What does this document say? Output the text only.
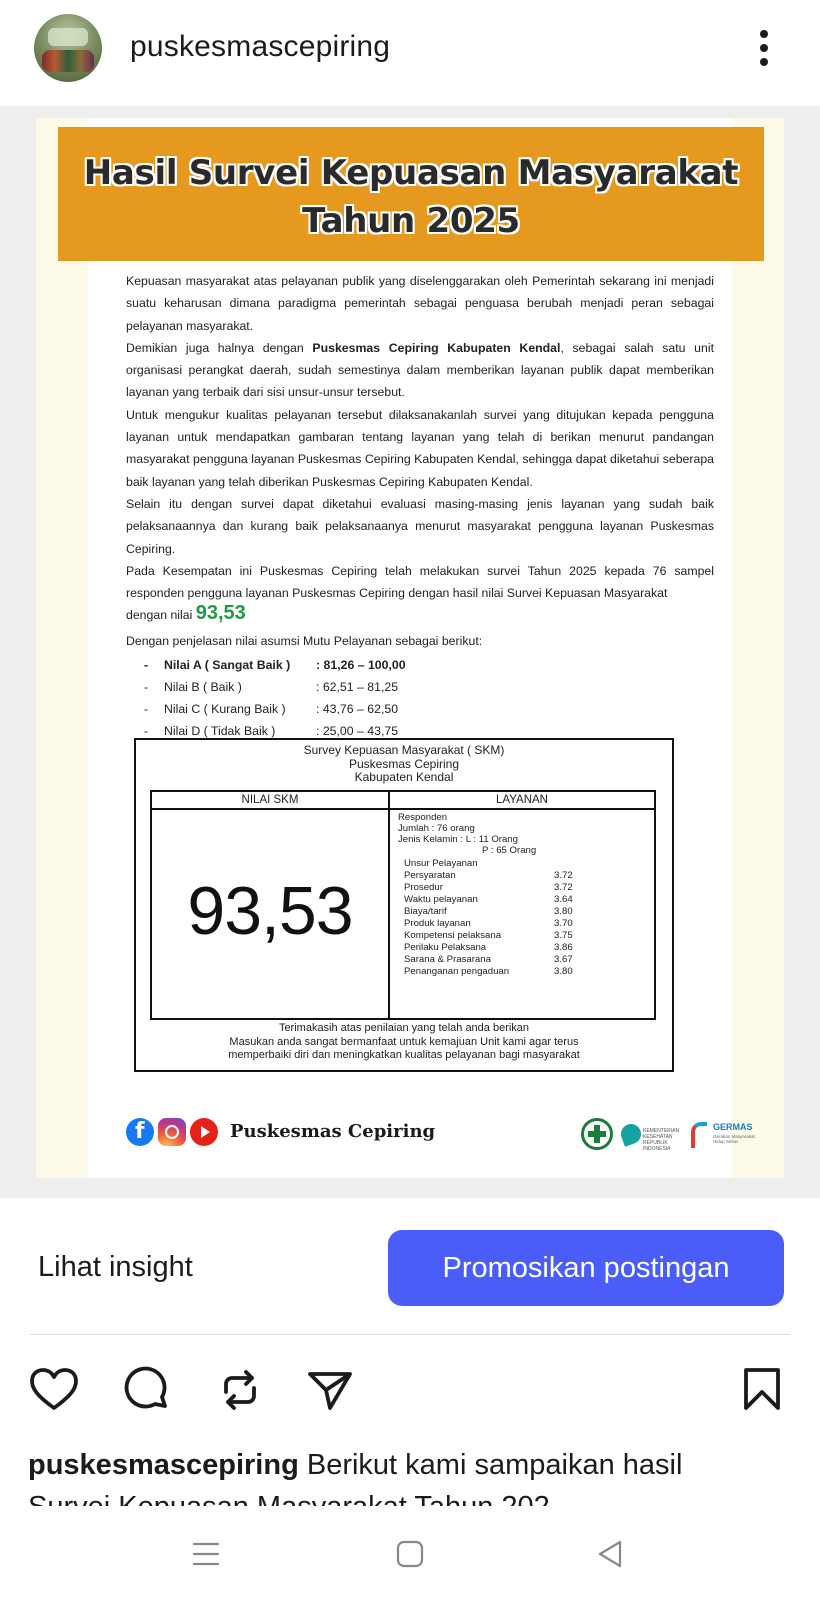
puskesmascepiring
Hasil Survei Kepuasan Masyarakat
Tahun 2025

Kepuasan masyarakat atas pelayanan publik yang diselenggarakan oleh Pemerintah sekarang ini menjadi suatu keharusan dimana paradigma pemerintah sebagai penguasa berubah menjadi peran sebagai pelayanan masyarakat.

Demikian juga halnya dengan Puskesmas Cepiring Kabupaten Kendal, sebagai salah satu unit organisasi perangkat daerah, sudah semestinya dalam memberikan layanan publik dapat memberikan layanan yang terbaik dari sisi unsur-unsur tersebut.

Untuk mengukur kualitas pelayanan tersebut dilaksanakanlah survei yang ditujukan kepada pengguna layanan untuk mendapatkan gambaran tentang layanan yang telah di berikan menurut pandangan masyarakat pengguna layanan Puskesmas Cepiring Kabupaten Kendal, sehingga dapat diketahui seberapa baik layanan yang telah diberikan Puskesmas Cepiring Kabupaten Kendal.

Selain itu dengan survei dapat diketahui evaluasi masing-masing jenis layanan yang sudah baik pelaksanaannya dan kurang baik pelaksanaanya menurut masyarakat pengguna layanan Puskesmas Cepiring.

Pada Kesempatan ini Puskesmas Cepiring telah melakukan survei Tahun 2025 kepada 76 sampel responden pengguna layanan Puskesmas Cepiring dengan hasil nilai Survei Kepuasan Masyarakat

dengan nilai 93,53
Dengan penjelasan nilai asumsi Mutu Pelayanan sebagai berikut:
- Nilai A ( Sangat Baik ) : 81,26 – 100,00
- Nilai B ( Baik )	: 62,51 – 81,25
- Nilai C ( Kurang Baik ) : 43,76 – 62,50
- Nilai D ( Tidak Baik )	: 25,00 – 43,75
Survey Kepuasan Masyarakat ( SKM)
Puskesmas Cepiring
Kabupaten Kendal
NILAI SKM	LAYANAN
93,53
Responden
Jumlah : 76 orang
Jenis Kelamin : L : 11 Orang
P : 65 Orang
Unsur Pelayanan
Persyaratan	3.72
Prosedur	3.72
Waktu pelayanan	3.64
Biaya/tarif	3.80
Produk layanan	3.70
Kompetensi pelaksana	3.75
Perilaku Pelaksana	3.86
Sarana & Prasarana	3.67
Penanganan pengaduan	3.80
Terimakasih atas penilaian yang telah anda berikan
Masukan anda sangat bermanfaat untuk kemajuan Unit kami agar terus
memperbaiki diri dan meningkatkan kualitas pelayanan bagi masyarakat
f
Puskesmas Cepiring	KEMENTERIAN KESEHATAN REPUBLIK INDONESIA
GERMAS
Gerakan Masyarakat Hidup Sehat
Lihat insight	Promosikan postingan
puskesmascepiring Berikut kami sampaikan hasil
